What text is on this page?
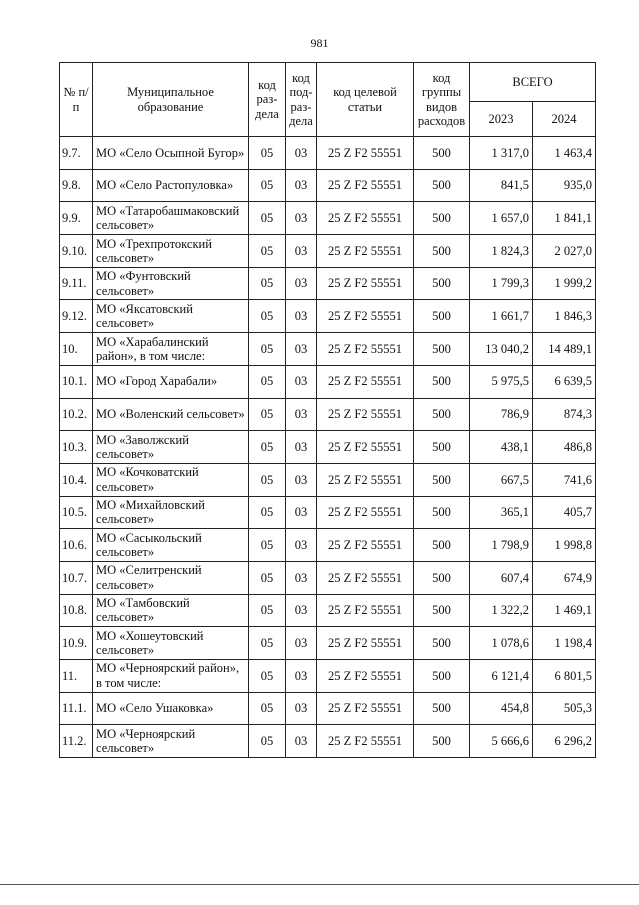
981
№ п/п	Муниципальное образование	код раз- дела	код под- раз- дела	код целевой статьи	код группы видов расходов	ВСЕГО	
						2023	2024
9.7.	МО «Село Осыпной Бугор»	05	03	25 Z F2 55551	500	1 317,0	1 463,4
9.8.	МО «Село Растопуловка»	05	03	25 Z F2 55551	500	841,5	935,0
9.9.	МО «Татаробашмаковский сельсовет»	05	03	25 Z F2 55551	500	1 657,0	1 841,1
9.10.	МО «Трехпротокский сельсовет»	05	03	25 Z F2 55551	500	1 824,3	2 027,0
9.11.	МО «Фунтовский сельсовет»	05	03	25 Z F2 55551	500	1 799,3	1 999,2
9.12.	МО «Яксатовский сельсовет»	05	03	25 Z F2 55551	500	1 661,7	1 846,3
10.	МО «Харабалинский район», в том числе:	05	03	25 Z F2 55551	500	13 040,2	14 489,1
10.1.	МО «Город Харабали»	05	03	25 Z F2 55551	500	5 975,5	6 639,5
10.2.	МО «Воленский сельсовет»	05	03	25 Z F2 55551	500	786,9	874,3
10.3.	МО «Заволжский сельсовет»	05	03	25 Z F2 55551	500	438,1	486,8
10.4.	МО «Кочковатский сельсовет»	05	03	25 Z F2 55551	500	667,5	741,6
10.5.	МО «Михайловский сельсовет»	05	03	25 Z F2 55551	500	365,1	405,7
10.6.	МО «Сасыкольский сельсовет»	05	03	25 Z F2 55551	500	1 798,9	1 998,8
10.7.	МО «Селитренский сельсовет»	05	03	25 Z F2 55551	500	607,4	674,9
10.8.	МО «Тамбовский сельсовет»	05	03	25 Z F2 55551	500	1 322,2	1 469,1
10.9.	МО «Хошеутовский сельсовет»	05	03	25 Z F2 55551	500	1 078,6	1 198,4
11.	МО «Черноярский район», в том числе:	05	03	25 Z F2 55551	500	6 121,4	6 801,5
11.1.	МО «Село Ушаковка»	05	03	25 Z F2 55551	500	454,8	505,3
11.2.	МО «Черноярский сельсовет»	05	03	25 Z F2 55551	500	5 666,6	6 296,2
